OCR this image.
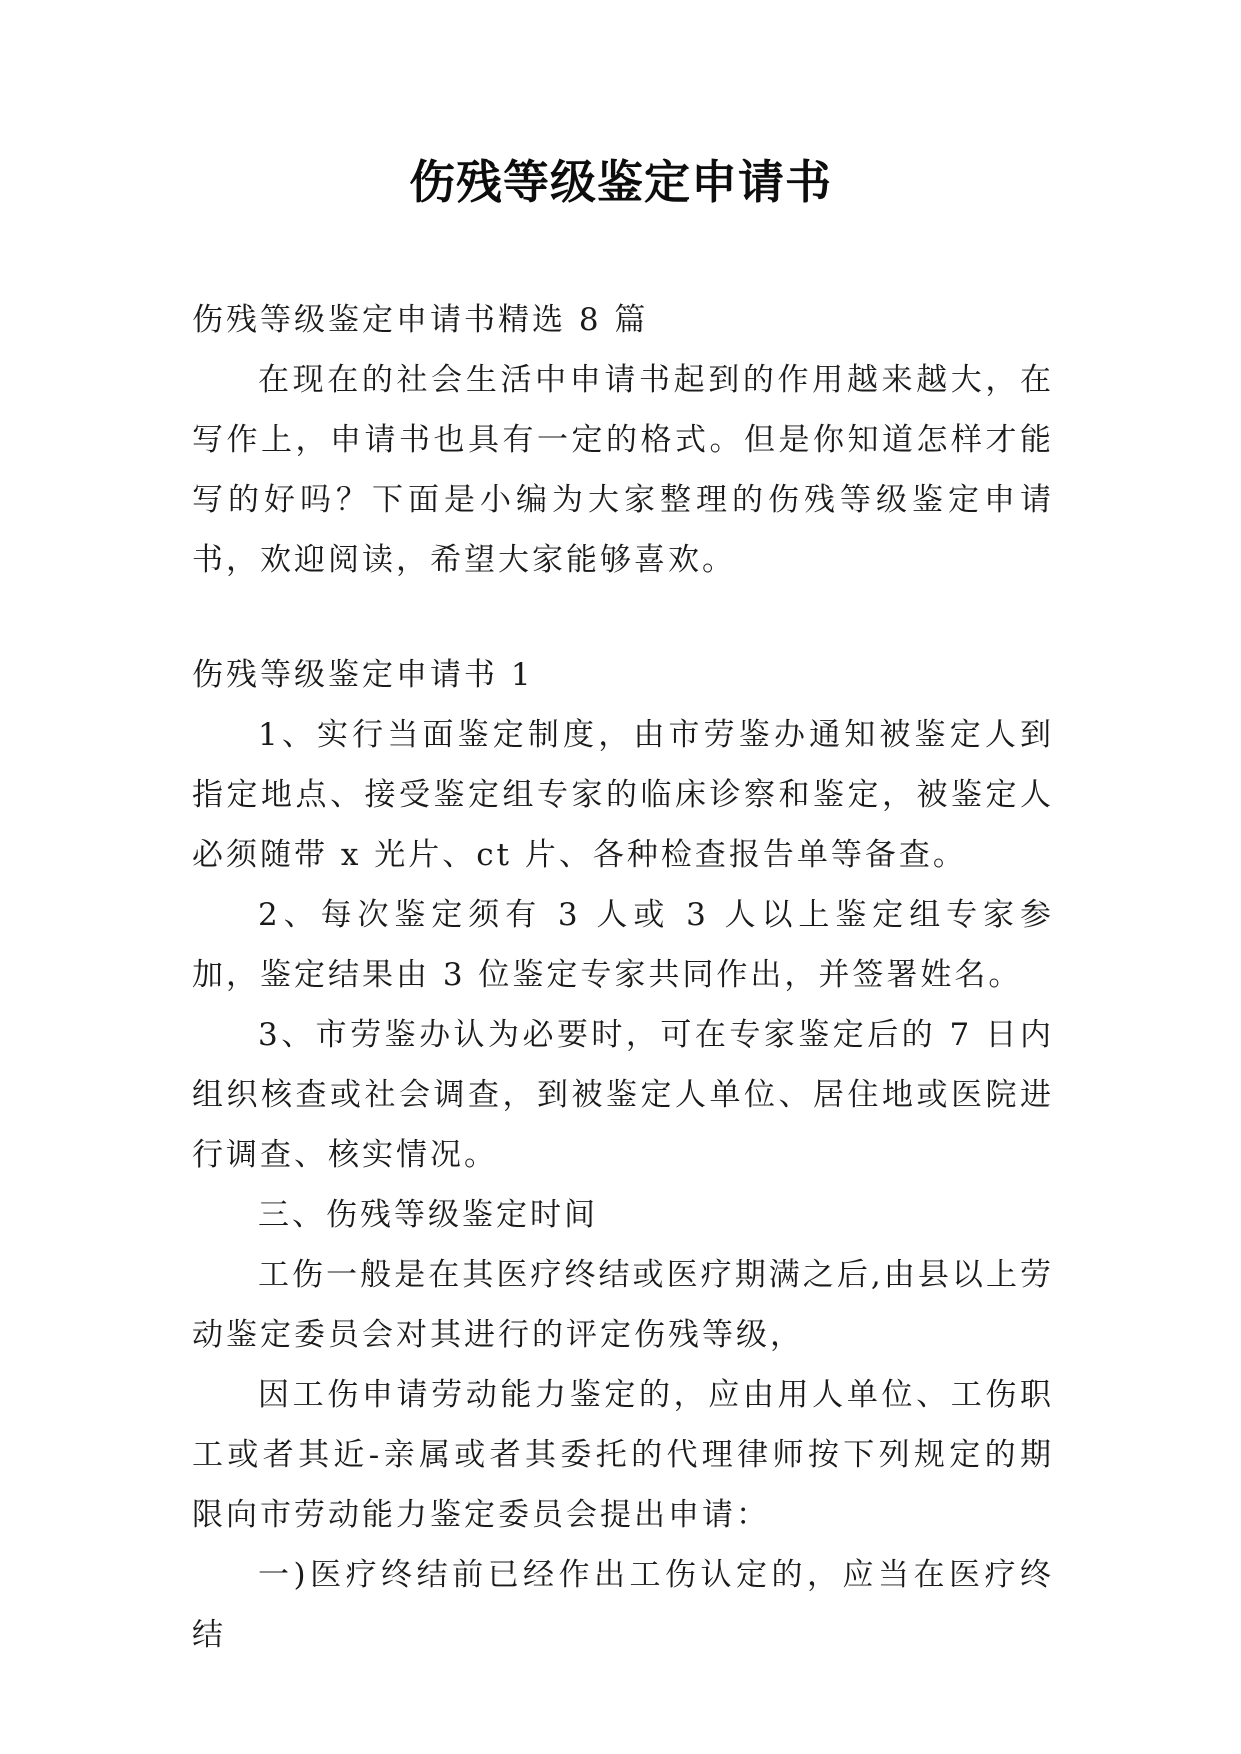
伤残等级鉴定申请书

伤残等级鉴定申请书精选 8 篇

在现在的社会生活中申请书起到的作用越来越大，在写作上，申请书也具有一定的格式。但是你知道怎样才能写的好吗？下面是小编为大家整理的伤残等级鉴定申请书，欢迎阅读，希望大家能够喜欢。

伤残等级鉴定申请书 1

1、实行当面鉴定制度，由市劳鉴办通知被鉴定人到指定地点、接受鉴定组专家的临床诊察和鉴定，被鉴定人必须随带 x 光片、ct 片、各种检查报告单等备查。

2、每次鉴定须有 3 人或 3 人以上鉴定组专家参加，鉴定结果由 3 位鉴定专家共同作出，并签署姓名。

3、市劳鉴办认为必要时，可在专家鉴定后的 7 日内组织核查或社会调查，到被鉴定人单位、居住地或医院进行调查、核实情况。

三、伤残等级鉴定时间

工伤一般是在其医疗终结或医疗期满之后,由县以上劳动鉴定委员会对其进行的评定伤残等级，

因工伤申请劳动能力鉴定的，应由用人单位、工伤职工或者其近-亲属或者其委托的代理律师按下列规定的期限向市劳动能力鉴定委员会提出申请：

一)医疗终结前已经作出工伤认定的，应当在医疗终结
